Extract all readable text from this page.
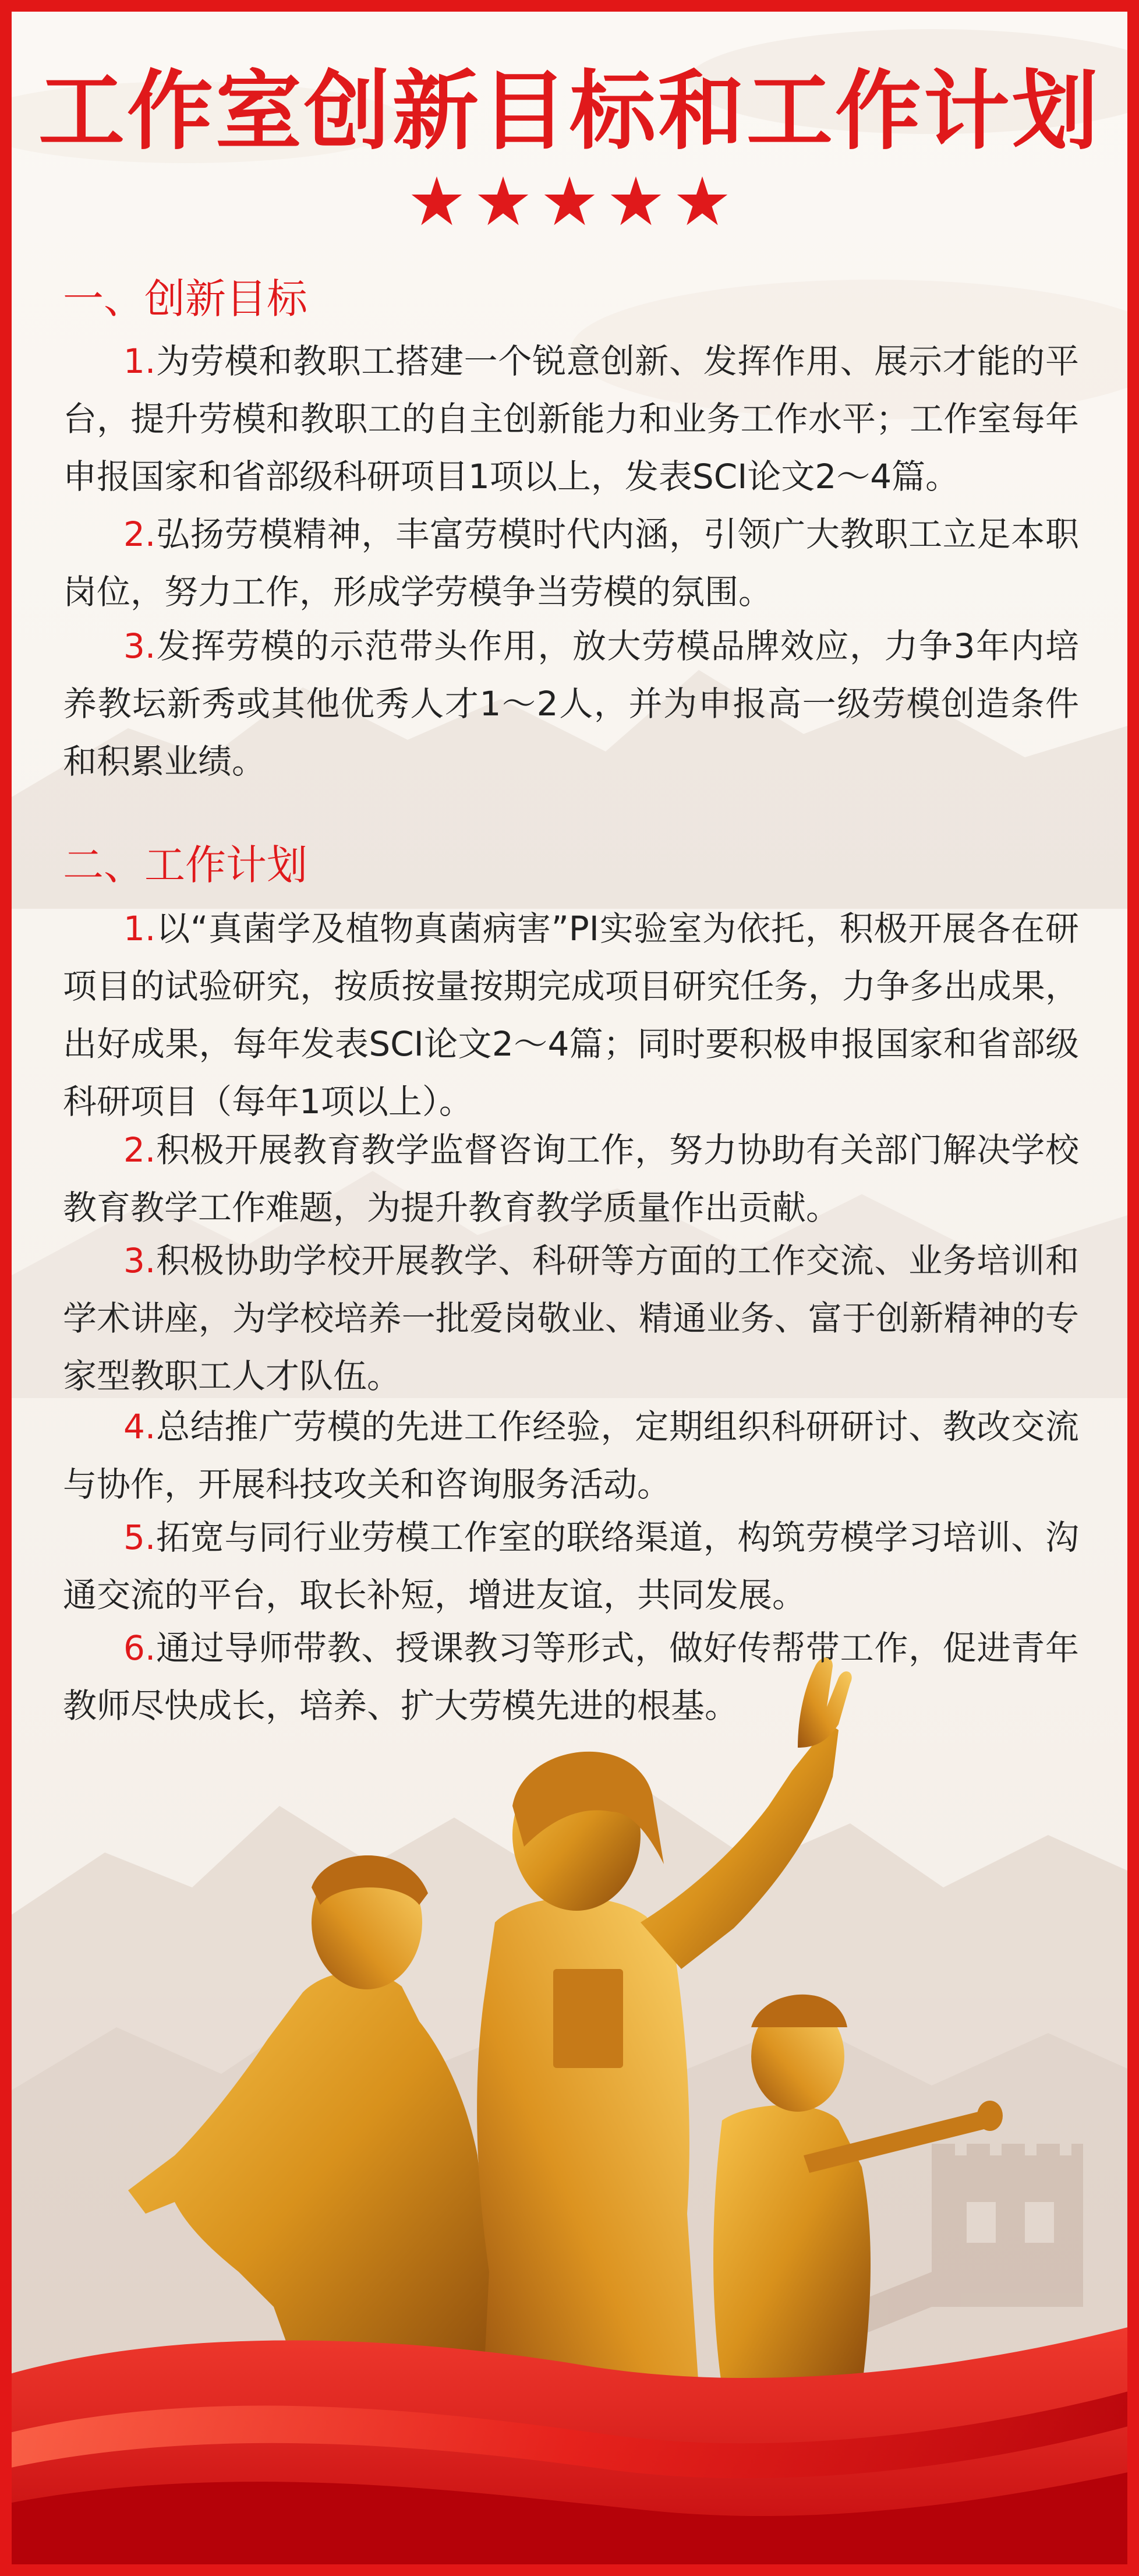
工作室创新目标和工作计划
一、创新目标
1.为劳模和教职工搭建一个锐意创新、发挥作用、展示才能的平台，提升劳模和教职工的自主创新能力和业务工作水平；工作室每年申报国家和省部级科研项目1项以上，发表SCI论文2～4篇。
2.弘扬劳模精神，丰富劳模时代内涵，引领广大教职工立足本职岗位，努力工作，形成学劳模争当劳模的氛围。
3.发挥劳模的示范带头作用，放大劳模品牌效应，力争3年内培养教坛新秀或其他优秀人才1～2人，并为申报高一级劳模创造条件和积累业绩。
二、工作计划
1.以“真菌学及植物真菌病害”PI实验室为依托，积极开展各在研项目的试验研究，按质按量按期完成项目研究任务，力争多出成果，出好成果，每年发表SCI论文2～4篇；同时要积极申报国家和省部级科研项目（每年1项以上）。
2.积极开展教育教学监督咨询工作，努力协助有关部门解决学校教育教学工作难题，为提升教育教学质量作出贡献。
3.积极协助学校开展教学、科研等方面的工作交流、业务培训和学术讲座，为学校培养一批爱岗敬业、精通业务、富于创新精神的专家型教职工人才队伍。
4.总结推广劳模的先进工作经验，定期组织科研研讨、教改交流与协作，开展科技攻关和咨询服务活动。
5.拓宽与同行业劳模工作室的联络渠道，构筑劳模学习培训、沟通交流的平台，取长补短，增进友谊，共同发展。
6.通过导师带教、授课教习等形式，做好传帮带工作，促进青年教师尽快成长，培养、扩大劳模先进的根基。
